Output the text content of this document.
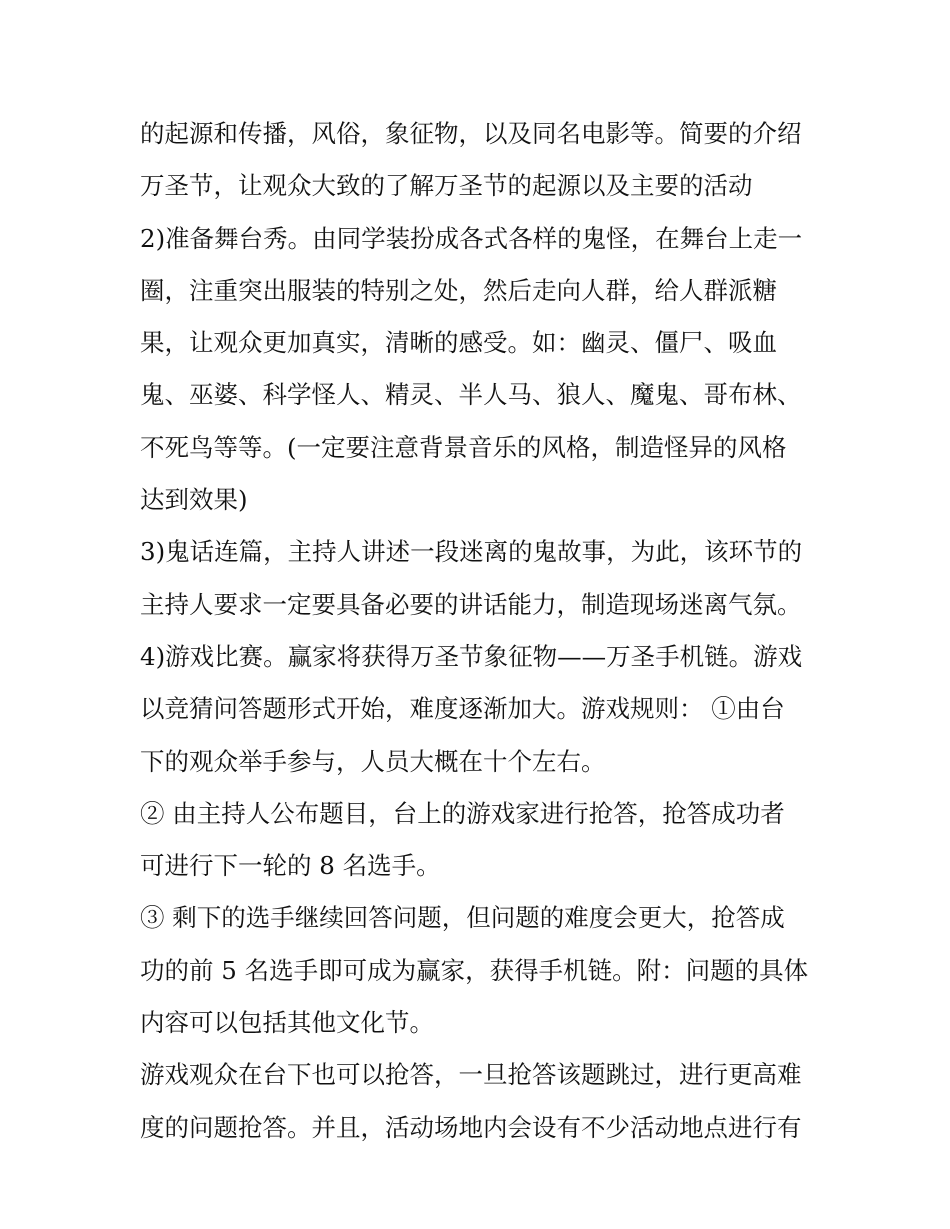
的起源和传播，风俗，象征物，以及同名电影等。简要的介绍
万圣节，让观众大致的了解万圣节的起源以及主要的活动
2)准备舞台秀。由同学装扮成各式各样的鬼怪，在舞台上走一
圈，注重突出服装的特别之处，然后走向人群，给人群派糖
果，让观众更加真实，清晰的感受。如：幽灵、僵尸、吸血
鬼、巫婆、科学怪人、精灵、半人马、狼人、魔鬼、哥布林、
不死鸟等等。(一定要注意背景音乐的风格，制造怪异的风格
达到效果)
3)鬼话连篇，主持人讲述一段迷离的鬼故事，为此，该环节的
主持人要求一定要具备必要的讲话能力，制造现场迷离气氛。
4)游戏比赛。赢家将获得万圣节象征物——万圣手机链。游戏
以竞猜问答题形式开始，难度逐渐加大。游戏规则： ①由台
下的观众举手参与，人员大概在十个左右。
② 由主持人公布题目，台上的游戏家进行抢答，抢答成功者
可进行下一轮的 8 名选手。
③ 剩下的选手继续回答问题，但问题的难度会更大，抢答成
功的前 5 名选手即可成为赢家，获得手机链。附：问题的具体
内容可以包括其他文化节。
游戏观众在台下也可以抢答，一旦抢答该题跳过，进行更高难
度的问题抢答。并且，活动场地内会设有不少活动地点进行有
